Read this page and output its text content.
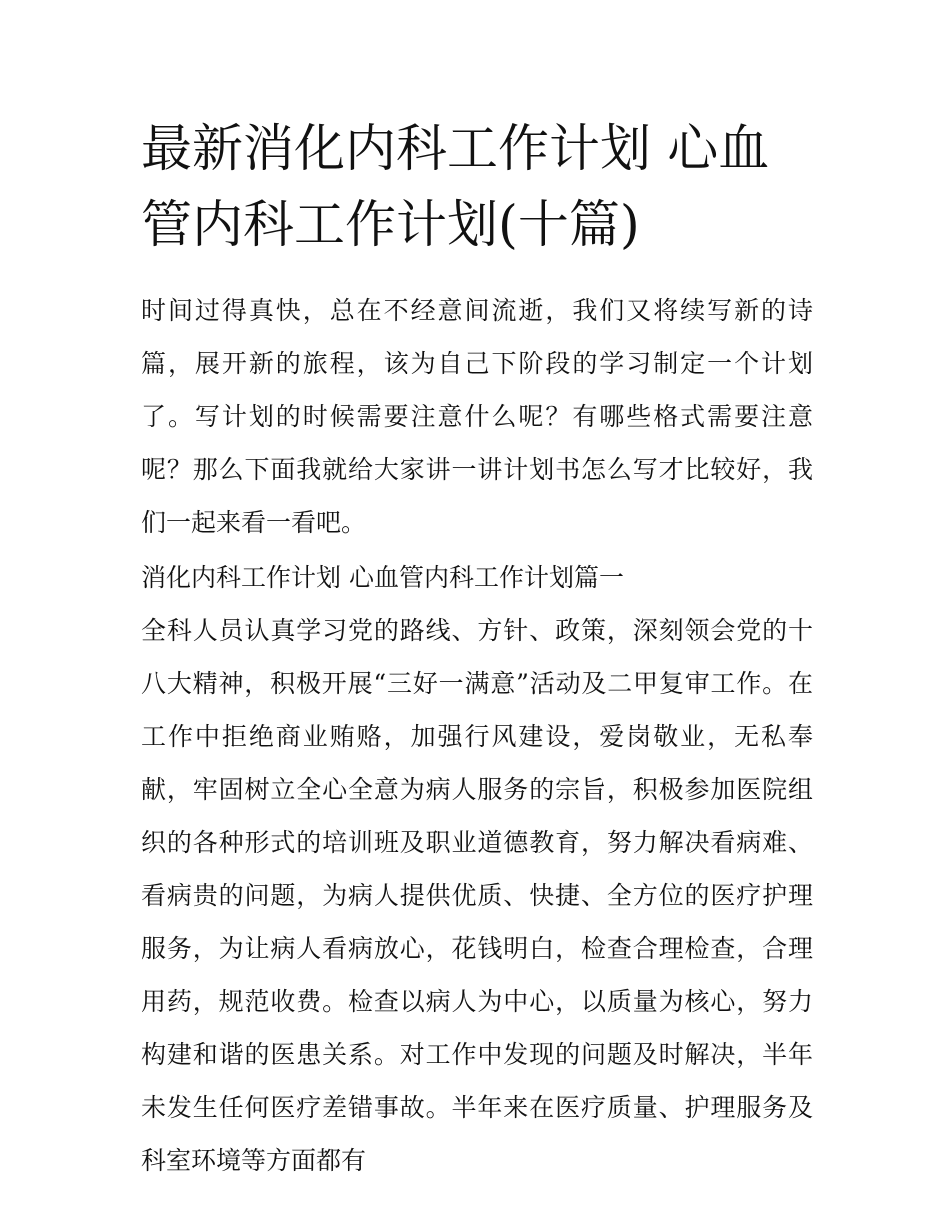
最新消化内科工作计划 心血管内科工作计划(十篇)

时间过得真快，总在不经意间流逝，我们又将续写新的诗篇，展开新的旅程，该为自己下阶段的学习制定一个计划了。写计划的时候需要注意什么呢？有哪些格式需要注意呢？那么下面我就给大家讲一讲计划书怎么写才比较好，我们一起来看一看吧。

消化内科工作计划 心血管内科工作计划篇一

全科人员认真学习党的路线、方针、政策，深刻领会党的十八大精神，积极开展“三好一满意”活动及二甲复审工作。在工作中拒绝商业贿赂，加强行风建设，爱岗敬业，无私奉献，牢固树立全心全意为病人服务的宗旨，积极参加医院组织的各种形式的培训班及职业道德教育，努力解决看病难、看病贵的问题，为病人提供优质、快捷、全方位的医疗护理服务，为让病人看病放心，花钱明白，检查合理检查，合理用药，规范收费。检查以病人为中心，以质量为核心，努力构建和谐的医患关系。对工作中发现的问题及时解决，半年未发生任何医疗差错事故。半年来在医疗质量、护理服务及科室环境等方面都有
